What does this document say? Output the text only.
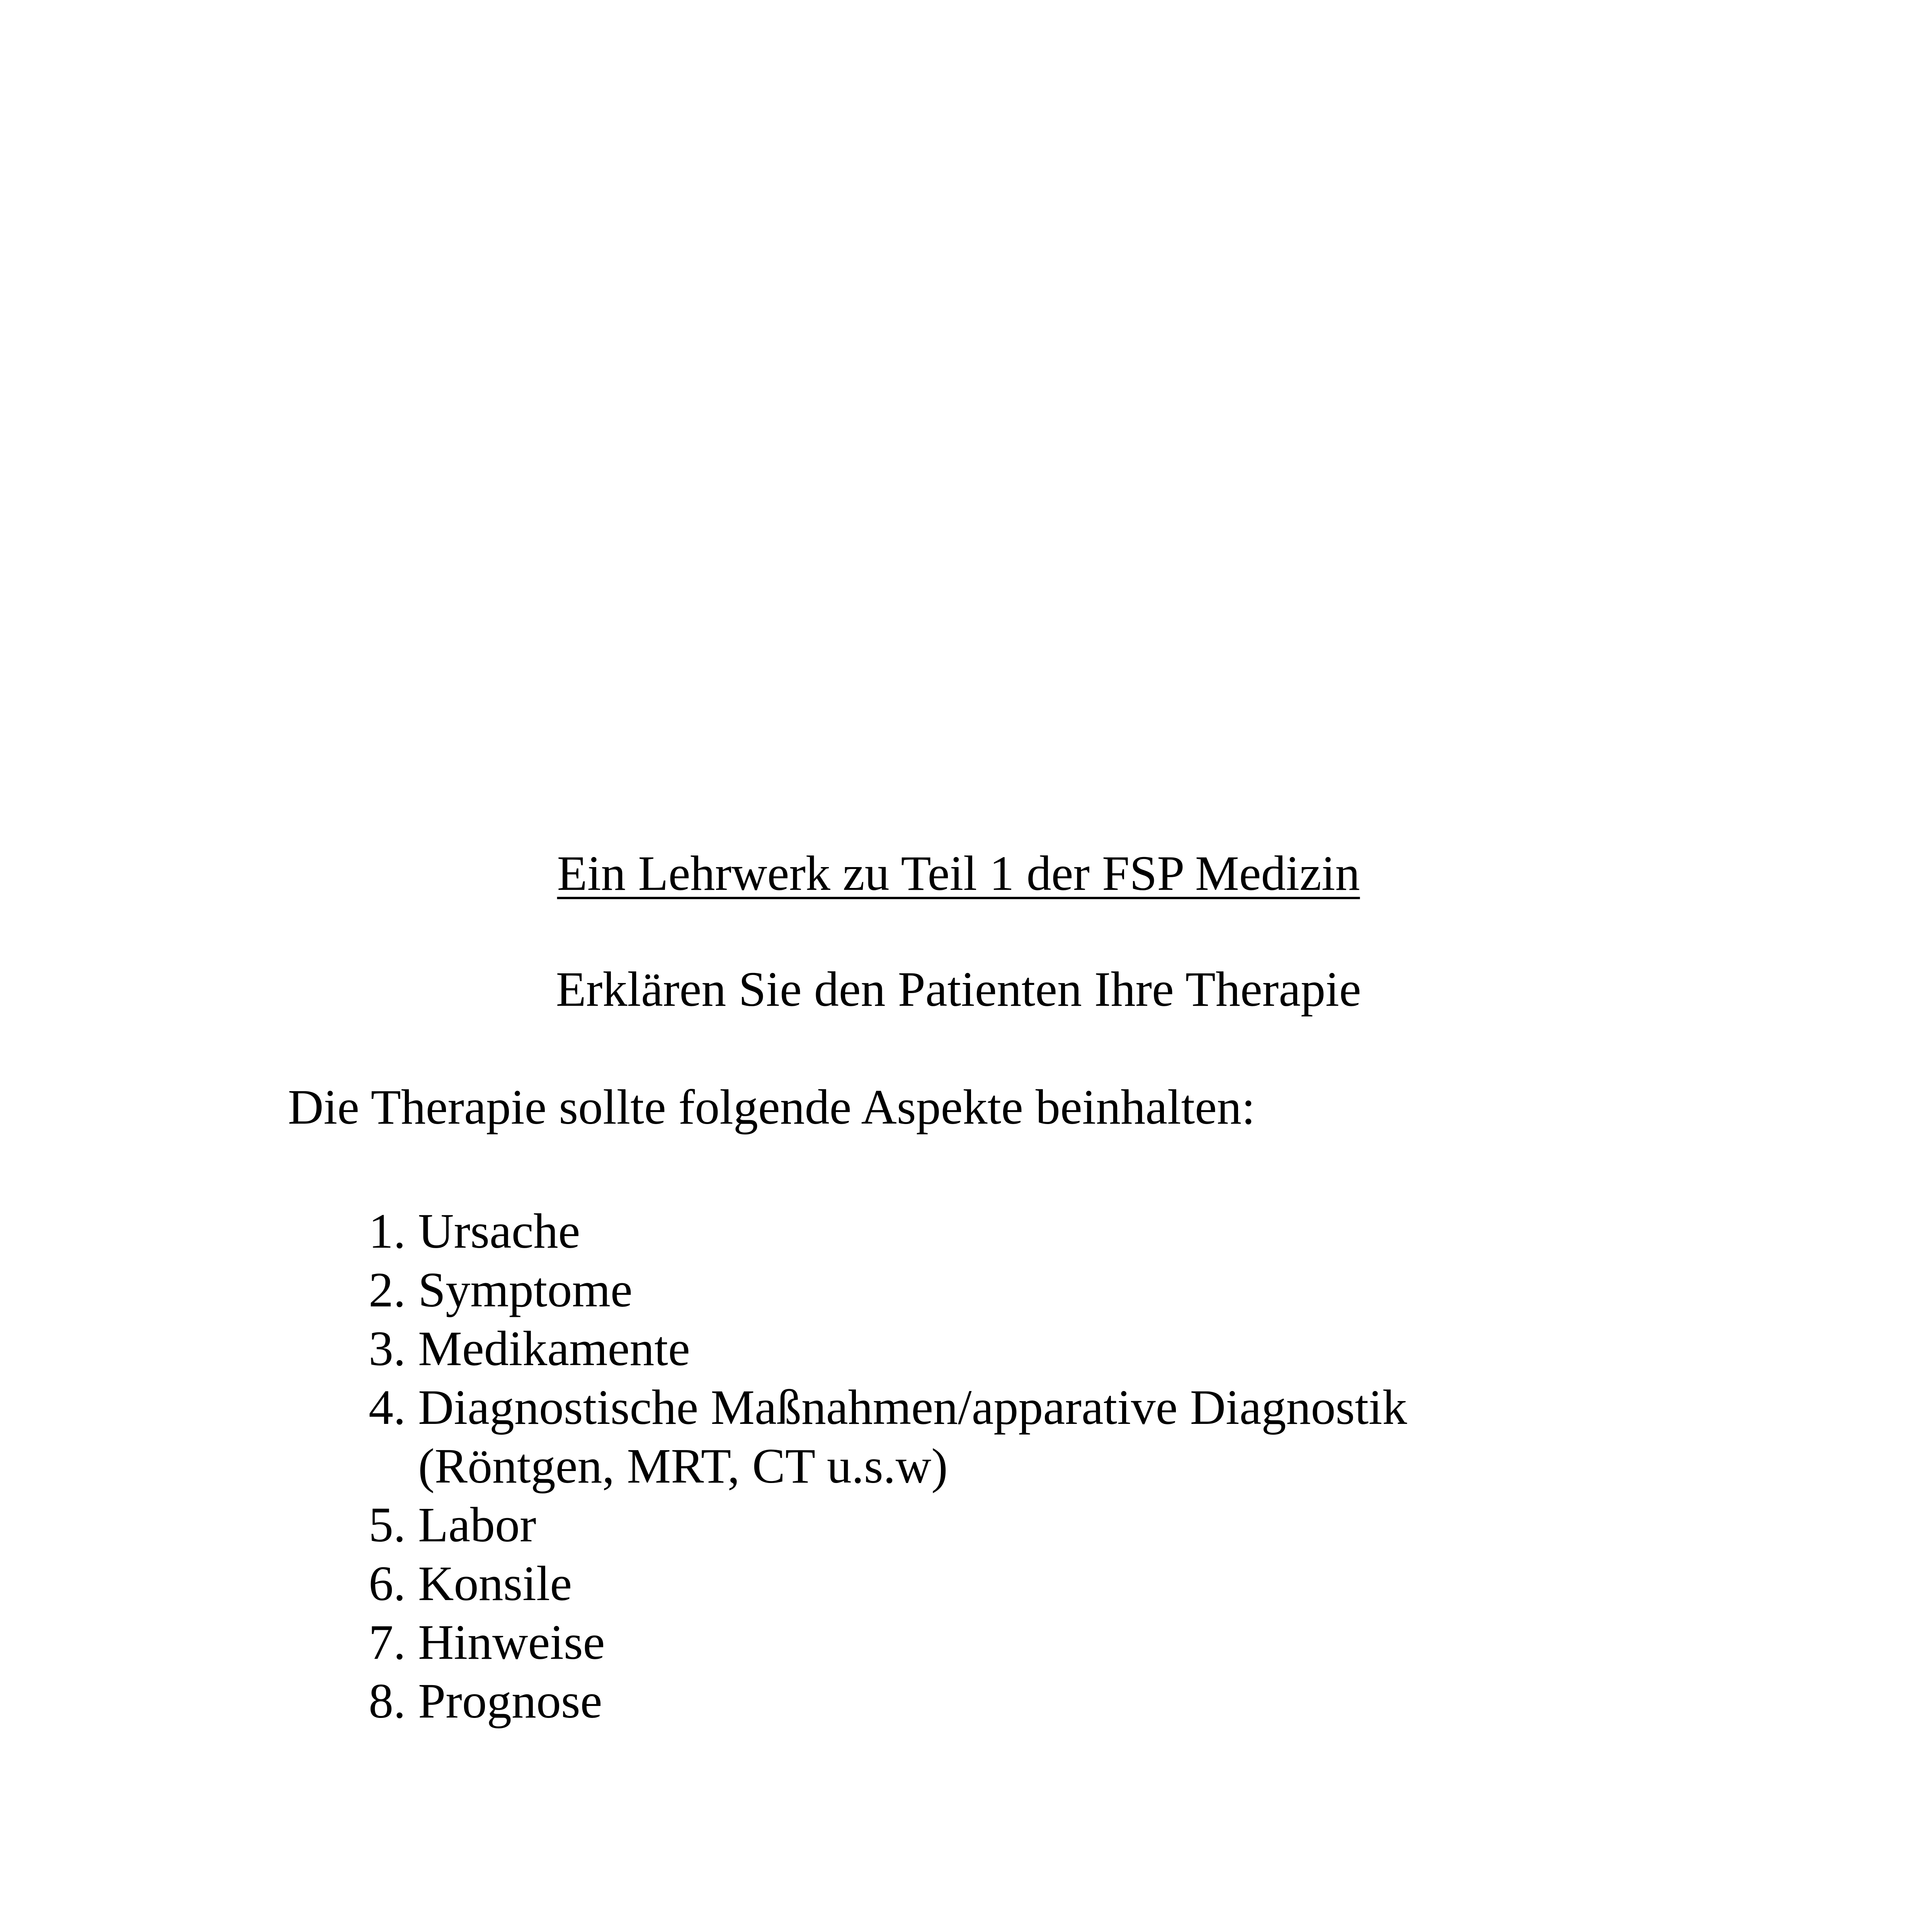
Ein Lehrwerk zu Teil 1 der FSP Medizin
Erklären Sie den Patienten Ihre Therapie
Die Therapie sollte folgende Aspekte beinhalten:
1. Ursache
2. Symptome
3. Medikamente
4. Diagnostische Maßnahmen/apparative Diagnostik
(Röntgen, MRT, CT u.s.w)
5. Labor
6. Konsile
7. Hinweise
8. Prognose
